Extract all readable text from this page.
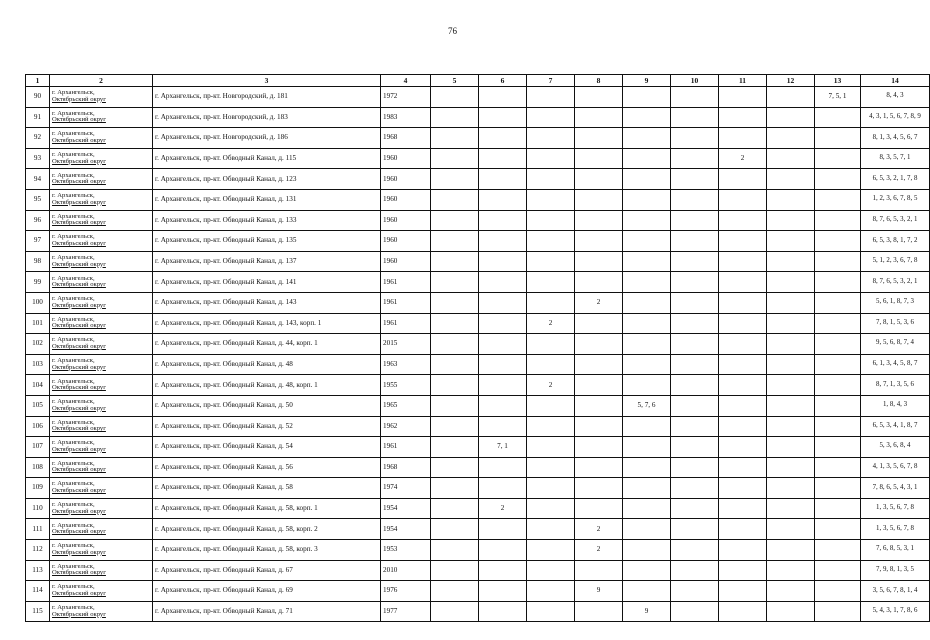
76
1	2	3	4	5	6	7	8	9	10	11	12	13	14
90	г. Архангельск,
Октябрьский округ	г. Архангельск, пр-кт. Новгородский, д. 181	1972									7, 5, 1	8, 4, 3
91	г. Архангельск,
Октябрьский округ	г. Архангельск, пр-кт. Новгородский, д. 183	1983										4, 3, 1, 5, 6, 7, 8, 9
92	г. Архангельск,
Октябрьский округ	г. Архангельск, пр-кт. Новгородский, д. 186	1968										8, 1, 3, 4, 5, 6, 7
93	г. Архангельск,
Октябрьский округ	г. Архангельск, пр-кт. Обводный Канал, д. 115	1960							2			8, 3, 5, 7, 1
94	г. Архангельск,
Октябрьский округ	г. Архангельск, пр-кт. Обводный Канал, д. 123	1960										6, 5, 3, 2, 1, 7, 8
95	г. Архангельск,
Октябрьский округ	г. Архангельск, пр-кт. Обводный Канал, д. 131	1960										1, 2, 3, 6, 7, 8, 5
96	г. Архангельск,
Октябрьский округ	г. Архангельск, пр-кт. Обводный Канал, д. 133	1960										8, 7, 6, 5, 3, 2, 1
97	г. Архангельск,
Октябрьский округ	г. Архангельск, пр-кт. Обводный Канал, д. 135	1960										6, 5, 3, 8, 1, 7, 2
98	г. Архангельск,
Октябрьский округ	г. Архангельск, пр-кт. Обводный Канал, д. 137	1960										5, 1, 2, 3, 6, 7, 8
99	г. Архангельск,
Октябрьский округ	г. Архангельск, пр-кт. Обводный Канал, д. 141	1961										8, 7, 6, 5, 3, 2, 1
100	г. Архангельск,
Октябрьский округ	г. Архангельск, пр-кт. Обводный Канал, д. 143	1961				2						5, 6, 1, 8, 7, 3
101	г. Архангельск,
Октябрьский округ	г. Архангельск, пр-кт. Обводный Канал, д. 143, корп. 1	1961			2							7, 8, 1, 5, 3, 6
102	г. Архангельск,
Октябрьский округ	г. Архангельск, пр-кт. Обводный Канал, д. 44, корп. 1	2015										9, 5, 6, 8, 7, 4
103	г. Архангельск,
Октябрьский округ	г. Архангельск, пр-кт. Обводный Канал, д. 48	1963										6, 1, 3, 4, 5, 8, 7
104	г. Архангельск,
Октябрьский округ	г. Архангельск, пр-кт. Обводный Канал, д. 48, корп. 1	1955			2							8, 7, 1, 3, 5, 6
105	г. Архангельск,
Октябрьский округ	г. Архангельск, пр-кт. Обводный Канал, д. 50	1965					5, 7, 6					1, 8, 4, 3
106	г. Архангельск,
Октябрьский округ	г. Архангельск, пр-кт. Обводный Канал, д. 52	1962										6, 5, 3, 4, 1, 8, 7
107	г. Архангельск,
Октябрьский округ	г. Архангельск, пр-кт. Обводный Канал, д. 54	1961		7, 1								5, 3, 6, 8, 4
108	г. Архангельск,
Октябрьский округ	г. Архангельск, пр-кт. Обводный Канал, д. 56	1968										4, 1, 3, 5, 6, 7, 8
109	г. Архангельск,
Октябрьский округ	г. Архангельск, пр-кт. Обводный Канал, д. 58	1974										7, 8, 6, 5, 4, 3, 1
110	г. Архангельск,
Октябрьский округ	г. Архангельск, пр-кт. Обводный Канал, д. 58, корп. 1	1954		2								1, 3, 5, 6, 7, 8
111	г. Архангельск,
Октябрьский округ	г. Архангельск, пр-кт. Обводный Канал, д. 58, корп. 2	1954				2						1, 3, 5, 6, 7, 8
112	г. Архангельск,
Октябрьский округ	г. Архангельск, пр-кт. Обводный Канал, д. 58, корп. 3	1953				2						7, 6, 8, 5, 3, 1
113	г. Архангельск,
Октябрьский округ	г. Архангельск, пр-кт. Обводный Канал, д. 67	2010										7, 9, 8, 1, 3, 5
114	г. Архангельск,
Октябрьский округ	г. Архангельск, пр-кт. Обводный Канал, д. 69	1976				9						3, 5, 6, 7, 8, 1, 4
115	г. Архангельск,
Октябрьский округ	г. Архангельск, пр-кт. Обводный Канал, д. 71	1977					9					5, 4, 3, 1, 7, 8, 6
